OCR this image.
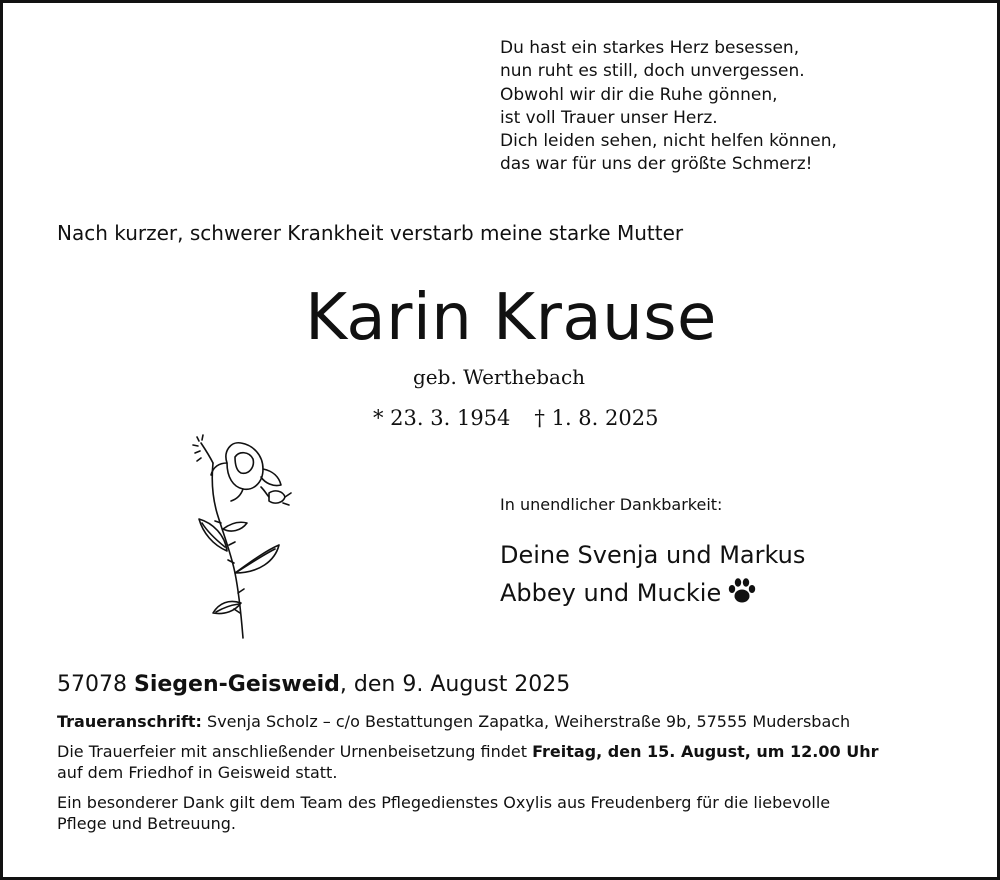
Du hast ein starkes Herz besessen,
nun ruht es still, doch unvergessen.
Obwohl wir dir die Ruhe gönnen,
ist voll Trauer unser Herz.
Dich leiden sehen, nicht helfen können,
das war für uns der größte Schmerz!
Nach kurzer, schwerer Krankheit verstarb meine starke Mutter
Karin Krause
geb. Werthebach
* 23. 3. 1954 † 1. 8. 2025
In unendlicher Dankbarkeit:
Deine Svenja und Markus
Abbey und Muckie
57078 Siegen-Geisweid, den 9. August 2025

Traueranschrift: Svenja Scholz – c/o Bestattungen Zapatka, Weiherstraße 9b, 57555 Mudersbach

Die Trauerfeier mit anschließender Urnenbeisetzung findet Freitag, den 15. August, um 12.00 Uhr
auf dem Friedhof in Geisweid statt.

Ein besonderer Dank gilt dem Team des Pflegedienstes Oxylis aus Freudenberg für die liebevolle
Pflege und Betreuung.
